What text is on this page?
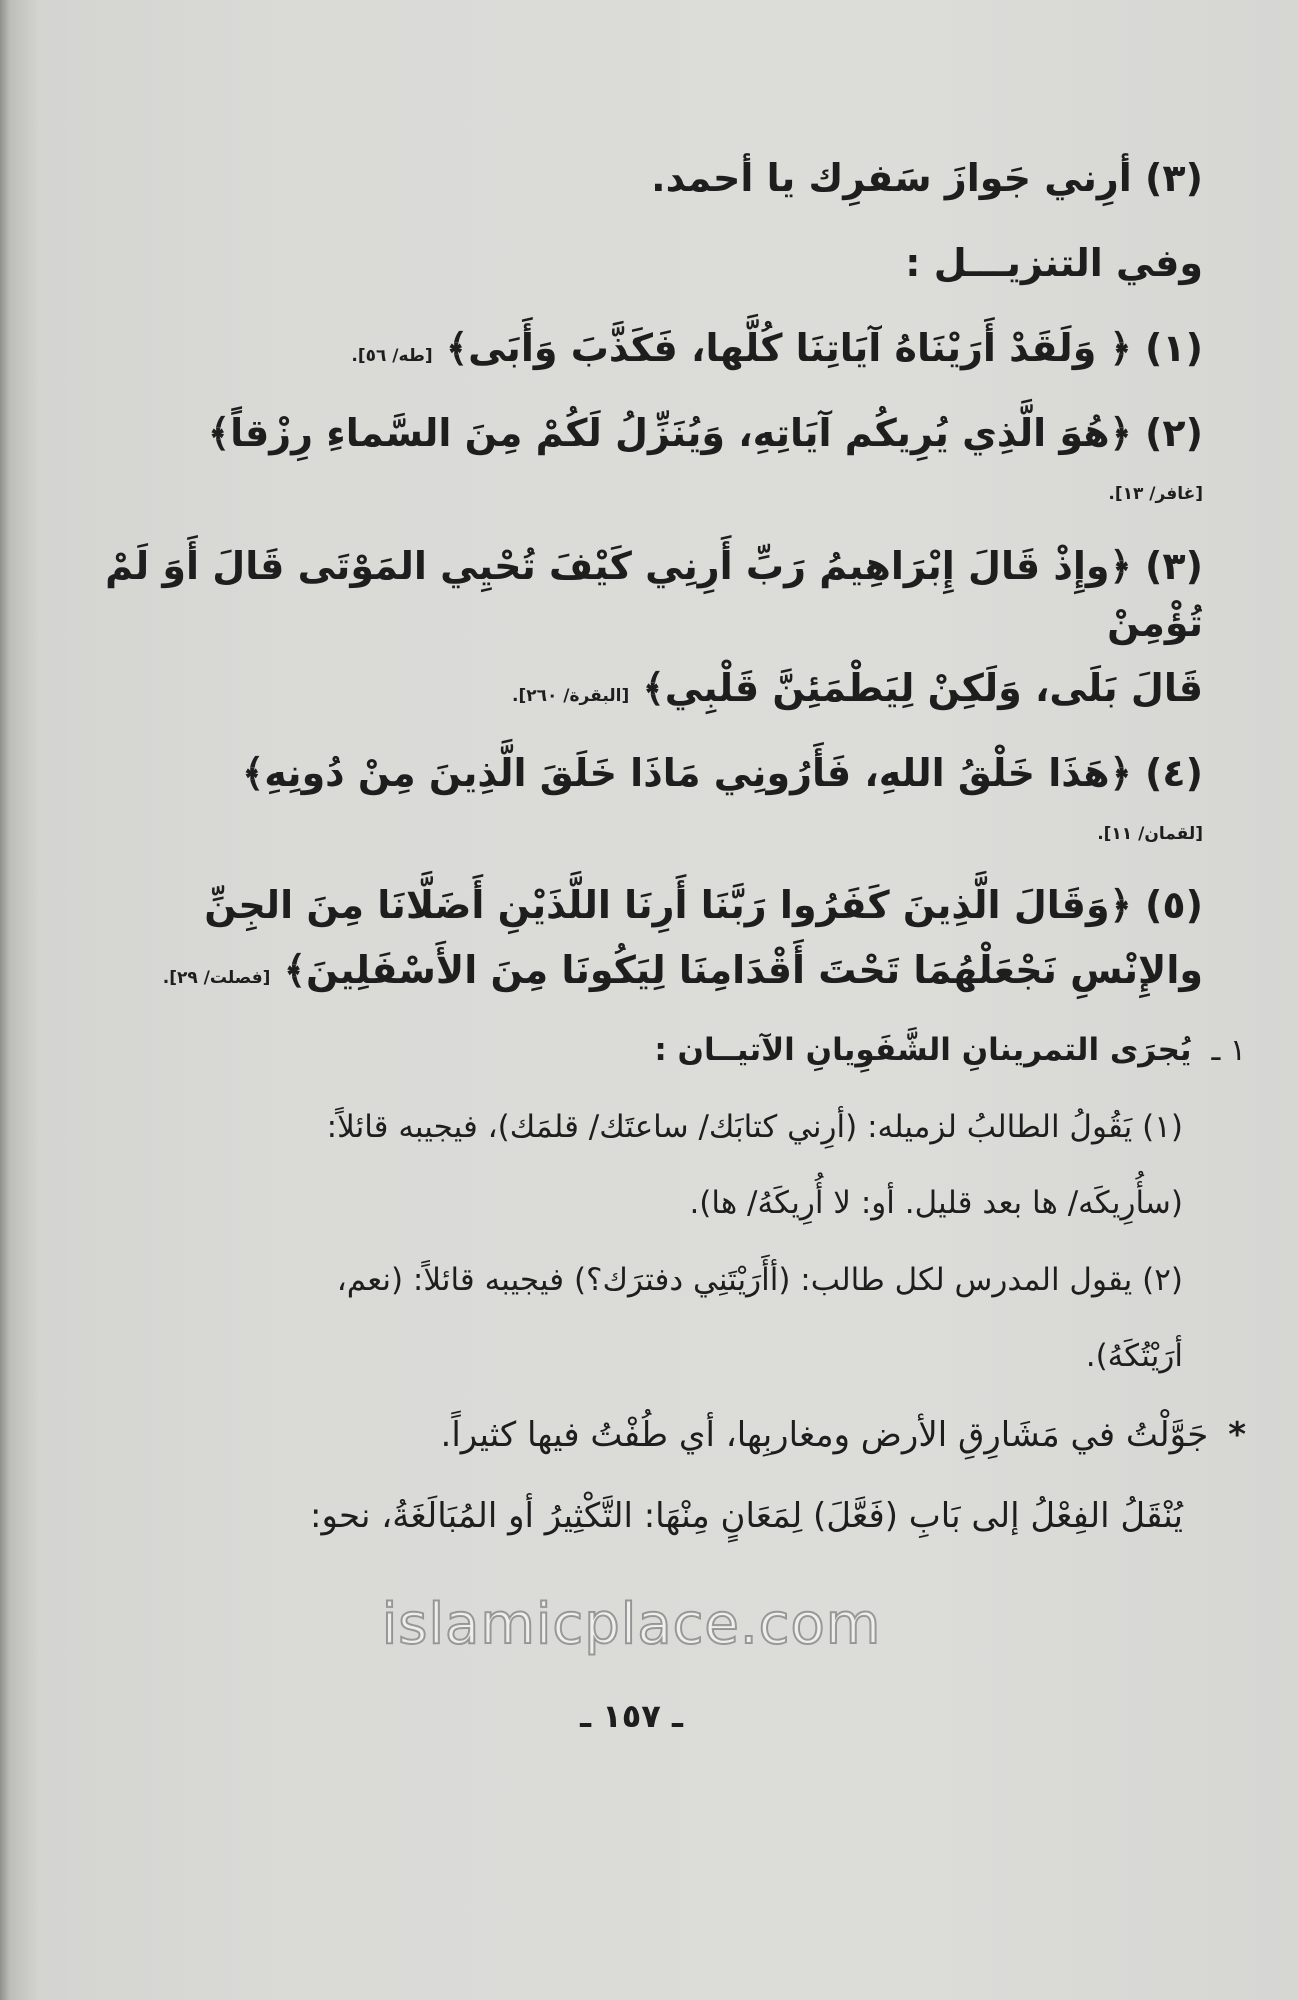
(٣) أرِني جَوازَ سَفرِك يا أحمد.
وفي التنزيـــل :
(١) ﴿ وَلَقَدْ أَرَيْنَاهُ آيَاتِنَا كُلَّها، فَكَذَّبَ وَأَبَى﴾ [طه/ ٥٦].
(٢) ﴿هُوَ الَّذِي يُرِيكُم آيَاتِهِ، وَيُنَزِّلُ لَكُمْ مِنَ السَّماءِ رِزْقاً﴾
[غافر/ ١٣].
(٣) ﴿وإِذْ قَالَ إِبْرَاهِيمُ رَبِّ أَرِنِي كَيْفَ تُحْيِي المَوْتَى قَالَ أَوَ لَمْ تُؤْمِنْ
قَالَ بَلَى، وَلَكِنْ لِيَطْمَئِنَّ قَلْبِي﴾ [البقرة/ ٢٦٠].
(٤) ﴿هَذَا خَلْقُ اللهِ، فَأَرُونِي مَاذَا خَلَقَ الَّذِينَ مِنْ دُونِهِ﴾
[لقمان/ ١١].
(٥) ﴿وَقَالَ الَّذِينَ كَفَرُوا رَبَّنَا أَرِنَا اللَّذَيْنِ أَضَلَّانَا مِنَ الجِنِّ
والإِنْسِ نَجْعَلْهُمَا تَحْتَ أَقْدَامِنَا لِيَكُونَا مِنَ الأَسْفَلِينَ﴾ [فصلت/ ٢٩].
١ ـ
يُجرَى التمرينانِ الشَّفَوِيانِ الآتيــان :
(١) يَقُولُ الطالبُ لزميله: (أرِني كتابَك/ ساعتَك/ قلمَك)، فيجيبه قائلاً:
(سأُرِيكَه/ ها بعد قليل. أو: لا أُرِيكَهُ/ ها).
(٢) يقول المدرس لكل طالب: (أأَرَيْتَنِي دفترَك؟) فيجيبه قائلاً: (نعم،
أرَيْتُكَهُ).
*
جَوَّلْتُ في مَشَارِقِ الأرض ومغاربِها، أي طُفْتُ فيها كثيراً.
يُنْقَلُ الفِعْلُ إلى بَابِ (فَعَّلَ) لِمَعَانٍ مِنْهَا: التَّكْثِيرُ أو المُبَالَغَةُ، نحو:
islamicplace.com
ـ ١٥٧ ـ
